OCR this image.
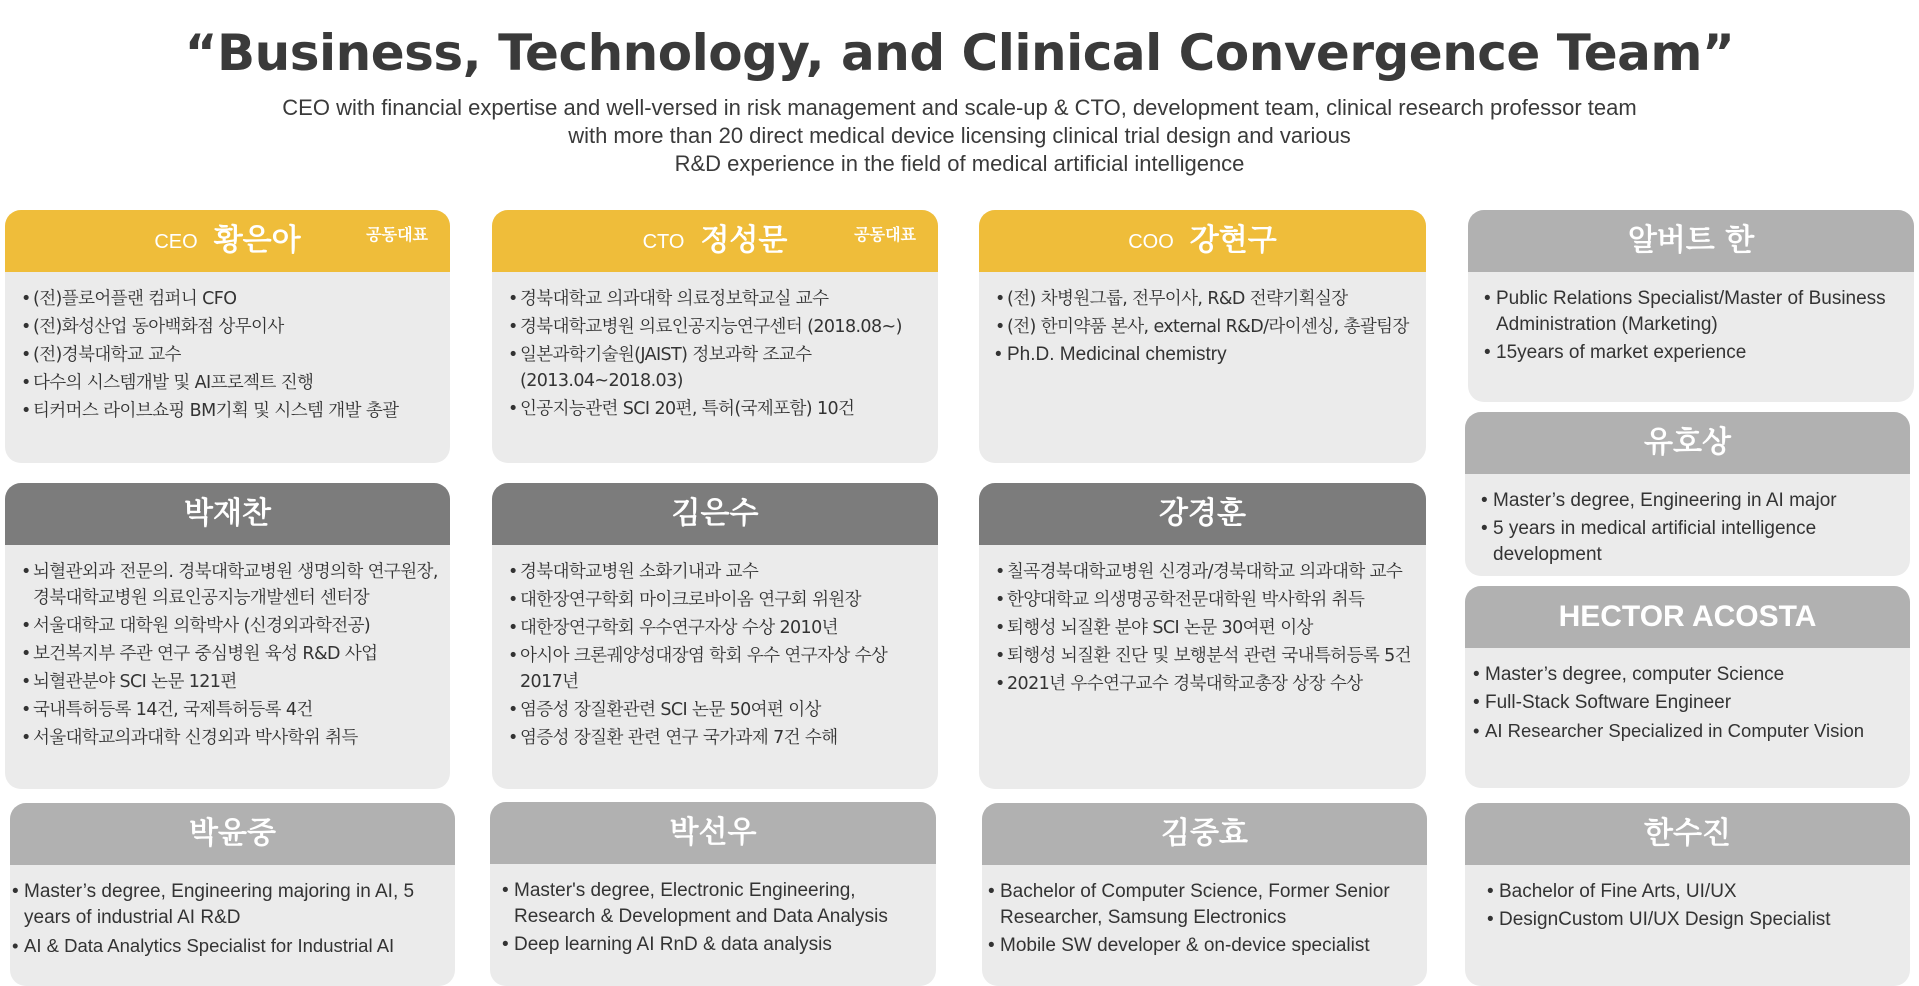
“Business, Technology, and Clinical Convergence Team”
CEO with financial expertise and well-versed in risk management and scale-up & CTO, development team, clinical research professor team
with more than 20 direct medical device licensing clinical trial design and various
R&D experience in the field of medical artificial intelligence
CEO 황은아	공동대표
• (전)플로어플랜 컴퍼니 CFO
• (전)화성산업 동아백화점 상무이사
• (전)경북대학교 교수
• 다수의 시스템개발 및 AI프로젝트 진행
• 티커머스 라이브쇼핑 BM기획 및 시스템 개발 총괄
CTO 정성문	공동대표
• 경북대학교 의과대학 의료정보학교실 교수
• 경북대학교병원 의료인공지능연구센터 (2018.08~)
• 일본과학기술원(JAIST) 정보과학 조교수 (2013.04~2018.03)
• 인공지능관련 SCI 20편, 특허(국제포함) 10건
COO 강현구
• (전) 차병원그룹, 전무이사, R&D 전략기획실장
• (전) 한미약품 본사, external R&D/라이센싱, 총괄팀장
• Ph.D. Medicinal chemistry
알버트 한
• Public Relations Specialist/Master of Business Administration (Marketing)
• 15years of market experience
박재찬
• 뇌혈관외과 전문의. 경북대학교병원 생명의학 연구원장, 경북대학교병원 의료인공지능개발센터 센터장
• 서울대학교 대학원 의학박사 (신경외과학전공)
• 보건복지부 주관 연구 중심병원 육성 R&D 사업
• 뇌혈관분야 SCI 논문 121편
• 국내특허등록 14건, 국제특허등록 4건
• 서울대학교의과대학 신경외과 박사학위 취득
김은수
• 경북대학교병원 소화기내과 교수
• 대한장연구학회 마이크로바이옴 연구회 위원장
• 대한장연구학회 우수연구자상 수상 2010년
• 아시아 크론궤양성대장염 학회 우수 연구자상 수상 2017년
• 염증성 장질환관련 SCI 논문 50여편 이상
• 염증성 장질환 관련 연구 국가과제 7건 수해
강경훈
• 칠곡경북대학교병원 신경과/경북대학교 의과대학 교수
• 한양대학교 의생명공학전문대학원 박사학위 취득
• 퇴행성 뇌질환 분야 SCI 논문 30여편 이상
• 퇴행성 뇌질환 진단 및 보행분석 관련 국내특허등록 5건
• 2021년 우수연구교수 경북대학교총장 상장 수상
유호상
• Master’s degree, Engineering in AI major
• 5 years in medical artificial intelligence development
HECTOR ACOSTA
• Master’s degree, computer Science
• Full-Stack Software Engineer
• AI Researcher Specialized in Computer Vision
박윤중
• Master’s degree, Engineering majoring in AI, 5 years of industrial AI R&D
• AI & Data Analytics Specialist for Industrial AI
박선우
• Master's degree, Electronic Engineering, Research & Development and Data Analysis
• Deep learning AI RnD & data analysis
김중효
• Bachelor of Computer Science, Former Senior Researcher, Samsung Electronics
• Mobile SW developer & on-device specialist
한수진
• Bachelor of Fine Arts, UI/UX
• DesignCustom UI/UX Design Specialist
